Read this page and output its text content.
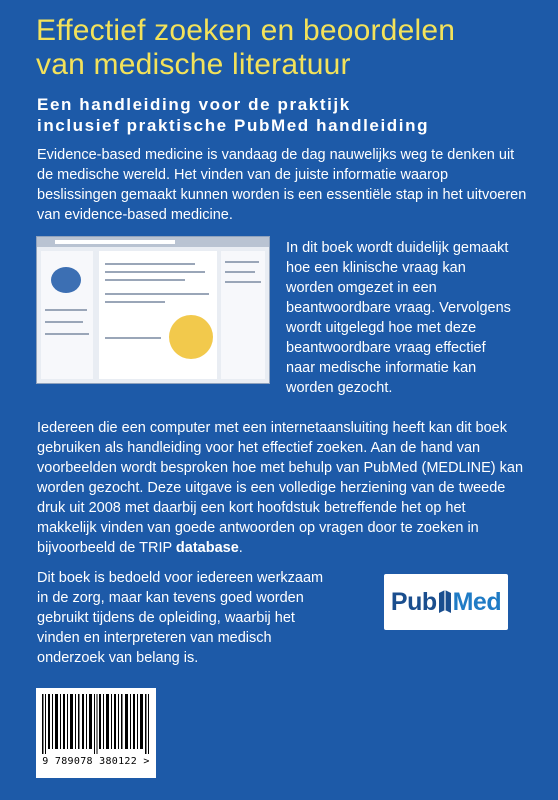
Effectief zoeken en beoordelen
van medische literatuur
Een handleiding voor de praktijk
inclusief praktische PubMed handleiding

Evidence-based medicine is vandaag de dag nauwelijks weg te denken uit de medische wereld. Het vinden van de juiste informatie waarop beslissingen gemaakt kunnen worden is een essentiële stap in het uitvoeren van evidence-based medicine.

In dit boek wordt duidelijk gemaakt hoe een klinische vraag kan worden omgezet in een beantwoordbare vraag. Vervolgens wordt uitgelegd hoe met deze beantwoordbare vraag effectief naar medische informatie kan worden gezocht.

Iedereen die een computer met een internetaansluiting heeft kan dit boek gebruiken als handleiding voor het effectief zoeken. Aan de hand van voorbeelden wordt besproken hoe met behulp van PubMed (MEDLINE) kan worden gezocht. Deze uitgave is een volledige herziening van de tweede druk uit 2008 met daarbij een kort hoofdstuk betreffende het op het makkelijk vinden van goede antwoorden op vragen door te zoeken in bijvoorbeeld de TRIP database.

Dit boek is bedoeld voor iedereen werkzaam in de zorg, maar kan tevens goed worden gebruikt tijdens de opleiding, waarbij het vinden en interpreteren van medisch onderzoek van belang is.

Pub Med
9 789078 380122 >
